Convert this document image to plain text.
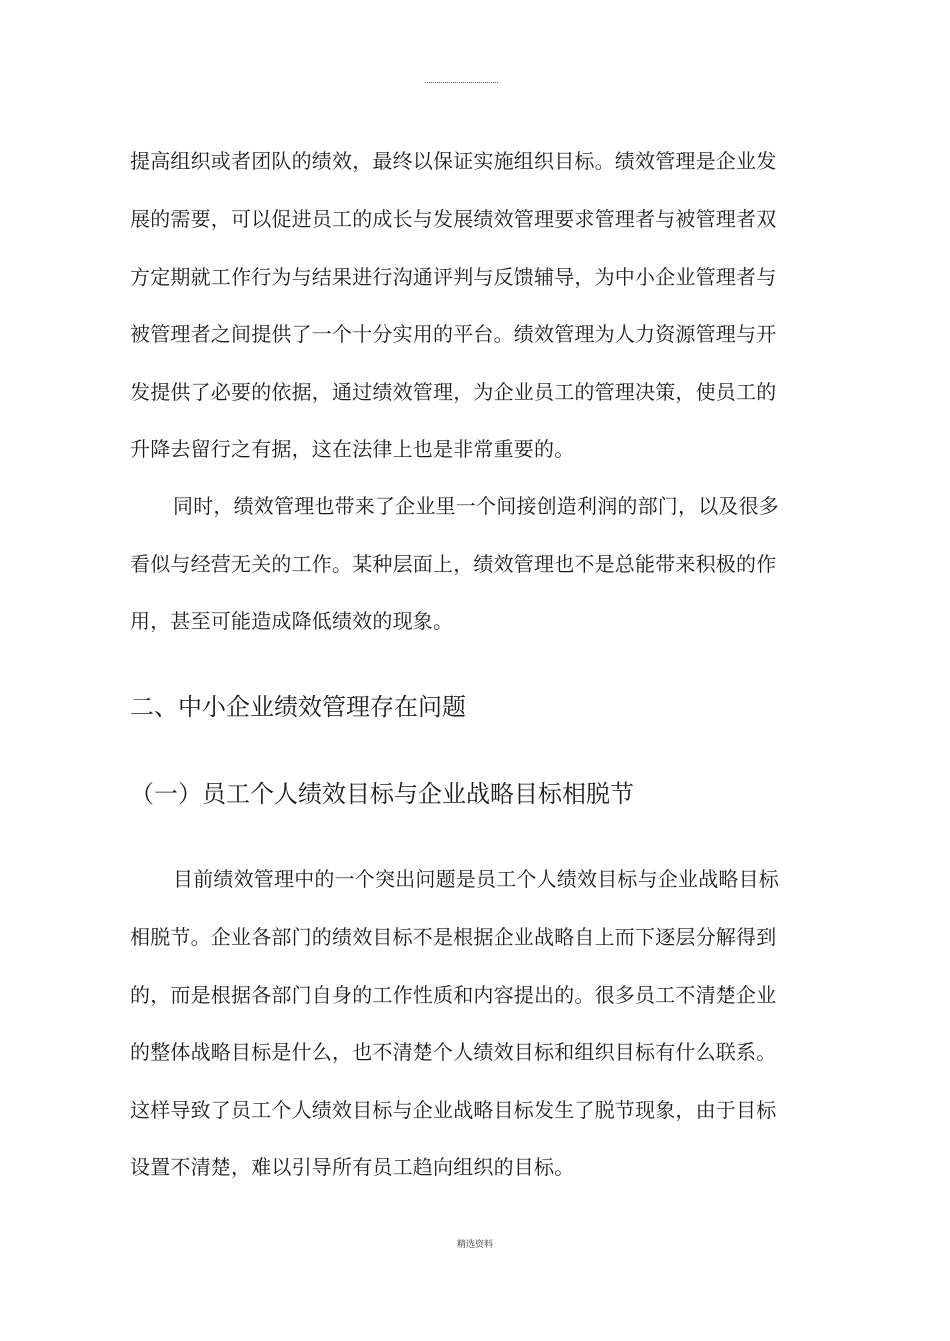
提高组织或者团队的绩效，最终以保证实施组织目标。绩效管理是企业发
展的需要，可以促进员工的成长与发展绩效管理要求管理者与被管理者双
方定期就工作行为与结果进行沟通评判与反馈辅导，为中小企业管理者与
被管理者之间提供了一个十分实用的平台。绩效管理为人力资源管理与开
发提供了必要的依据，通过绩效管理，为企业员工的管理决策，使员工的
升降去留行之有据，这在法律上也是非常重要的。
同时，绩效管理也带来了企业里一个间接创造利润的部门，以及很多
看似与经营无关的工作。某种层面上，绩效管理也不是总能带来积极的作
用，甚至可能造成降低绩效的现象。
二、中小企业绩效管理存在问题
（一）员工个人绩效目标与企业战略目标相脱节
目前绩效管理中的一个突出问题是员工个人绩效目标与企业战略目标
相脱节。企业各部门的绩效目标不是根据企业战略自上而下逐层分解得到
的，而是根据各部门自身的工作性质和内容提出的。很多员工不清楚企业
的整体战略目标是什么，也不清楚个人绩效目标和组织目标有什么联系。
这样导致了员工个人绩效目标与企业战略目标发生了脱节现象，由于目标
设置不清楚，难以引导所有员工趋向组织的目标。
精选资料
